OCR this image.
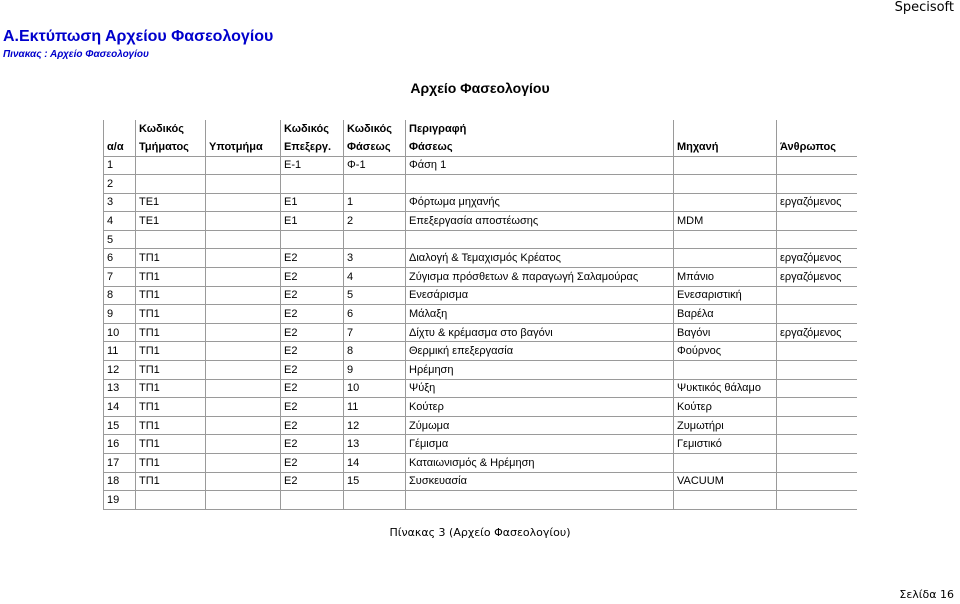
Specisoft
Α.Εκτύπωση Αρχείου Φασεολογίου
Πινακας : Αρχείο Φασεολογίου
Αρχείο Φασεολογίου
	Κωδικός		Κωδικός	Κωδικός	Περιγραφή		
α/α	Τμήματος	Υποτμήμα	Επεξεργ.	Φάσεως	Φάσεως	Μηχανή	Άνθρωπος
1			Ε-1	Φ-1	Φάση 1		
2							
3	ΤΕ1		Ε1	1	Φόρτωμα μηχανής		εργαζόμενος
4	ΤΕ1		Ε1	2	Επεξεργασία αποστέωσης	MDM	
5							
6	ΤΠ1		Ε2	3	Διαλογή & Τεμαχισμός Κρέατος		εργαζόμενος
7	ΤΠ1		Ε2	4	Ζύγισμα πρόσθετων & παραγωγή Σαλαμούρας	Μπάνιο	εργαζόμενος
8	ΤΠ1		Ε2	5	Ενεσάρισμα	Ενεσαριστική	
9	ΤΠ1		Ε2	6	Μάλαξη	Βαρέλα	
10	ΤΠ1		Ε2	7	Δίχτυ & κρέμασμα στο βαγόνι	Βαγόνι	εργαζόμενος
11	ΤΠ1		Ε2	8	Θερμική επεξεργασία	Φούρνος	
12	ΤΠ1		Ε2	9	Ηρέμηση		
13	ΤΠ1		Ε2	10	Ψύξη	Ψυκτικός θάλαμο	
14	ΤΠ1		Ε2	11	Κούτερ	Κούτερ	
15	ΤΠ1		Ε2	12	Ζύμωμα	Ζυμωτήρι	
16	ΤΠ1		Ε2	13	Γέμισμα	Γεμιστικό	
17	ΤΠ1		Ε2	14	Καταιωνισμός & Ηρέμηση		
18	ΤΠ1		Ε2	15	Συσκευασία	VACUUM	
19							
Πίνακας 3 (Αρχείο Φασεολογίου)
Σελίδα 16
